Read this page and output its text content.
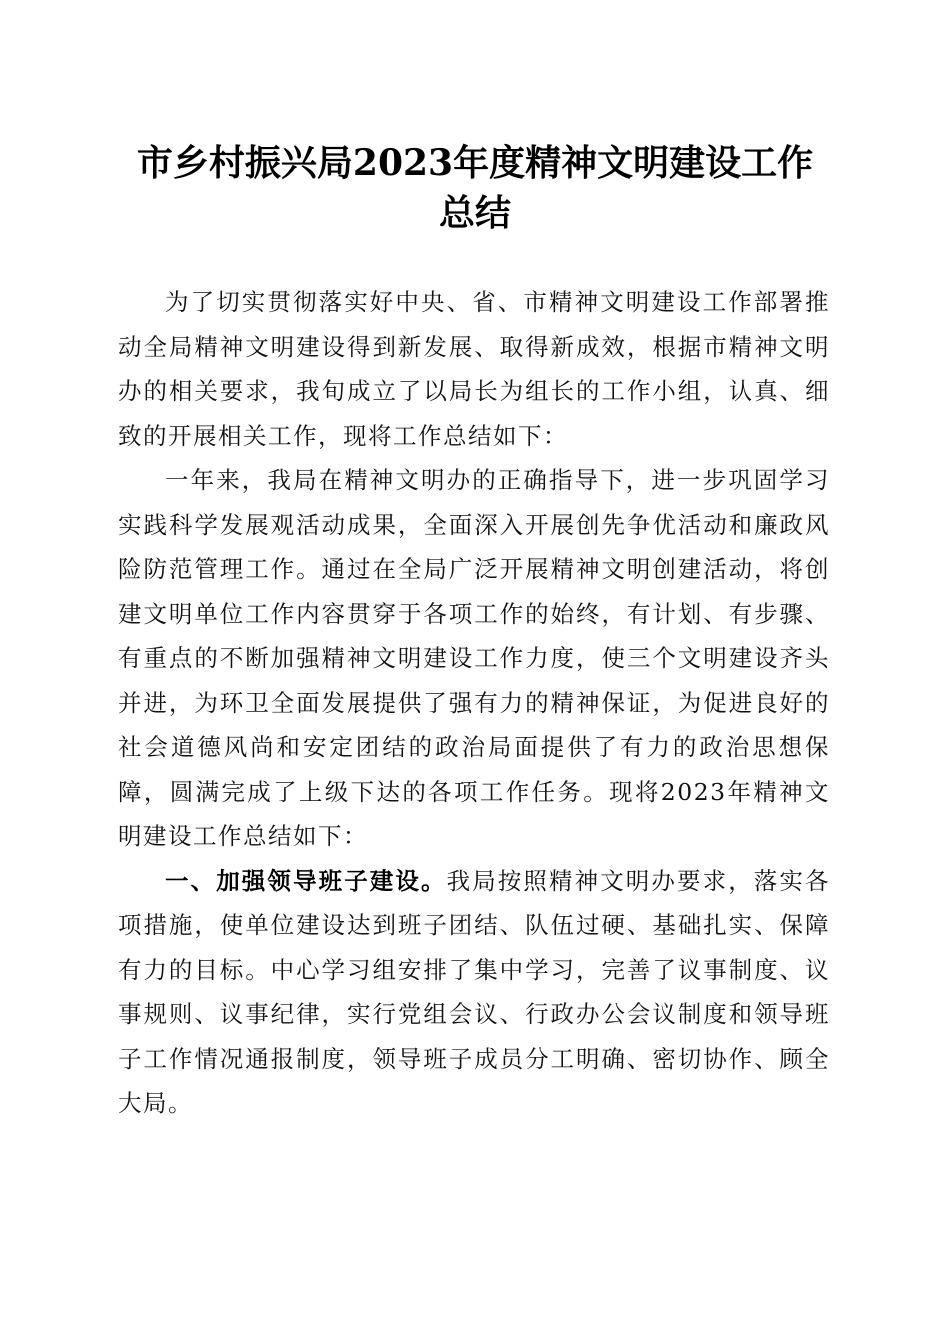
市乡村振兴局2023年度精神文明建设工作总结

为了切实贯彻落实好中央、省、市精神文明建设工作部署推动全局精神文明建设得到新发展、取得新成效，根据市精神文明办的相关要求，我旬成立了以局长为组长的工作小组，认真、细致的开展相关工作，现将工作总结如下：

一年来，我局在精神文明办的正确指导下，进一步巩固学习实践科学发展观活动成果，全面深入开展创先争优活动和廉政风险防范管理工作。通过在全局广泛开展精神文明创建活动，将创建文明单位工作内容贯穿于各项工作的始终，有计划、有步骤、有重点的不断加强精神文明建设工作力度，使三个文明建设齐头并进，为环卫全面发展提供了强有力的精神保证，为促进良好的社会道德风尚和安定团结的政治局面提供了有力的政治思想保障，圆满完成了上级下达的各项工作任务。现将2023年精神文明建设工作总结如下：

一、加强领导班子建设。我局按照精神文明办要求，落实各项措施，使单位建设达到班子团结、队伍过硬、基础扎实、保障有力的目标。中心学习组安排了集中学习，完善了议事制度、议事规则、议事纪律，实行党组会议、行政办公会议制度和领导班子工作情况通报制度，领导班子成员分工明确、密切协作、顾全大局。
